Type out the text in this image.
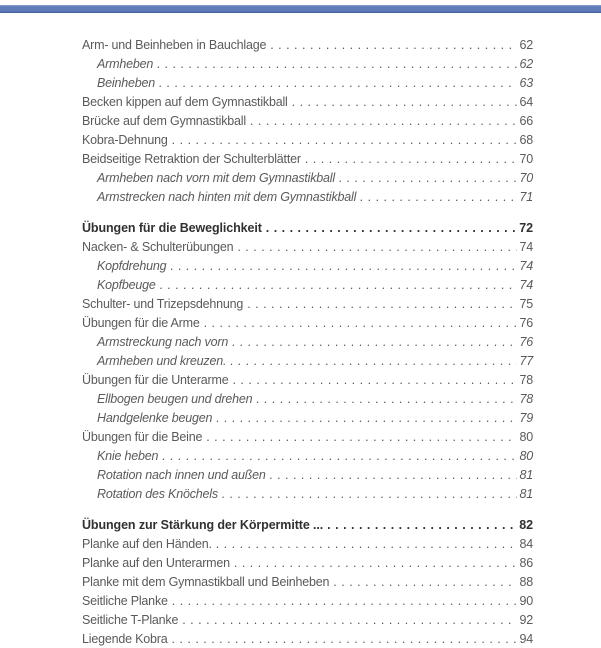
Arm- und Beinheben in Bauchlage . . .	62
Armheben . . .	62
Beinheben . . .	63
Becken kippen auf dem Gymnastikball . . .	64
Brücke auf dem Gymnastikball . . .	66
Kobra-Dehnung . . .	68
Beidseitige Retraktion der Schulterblätter . . .	70
Armheben nach vorn mit dem Gymnastikball . . .	70
Armstrecken nach hinten mit dem Gymnastikball . . .	71
Übungen für die Beweglichkeit . . .	72
Nacken- & Schulterübungen . . .	74
Kopfdrehung . . .	74
Kopfbeuge . . .	74
Schulter- und Trizepsdehnung . . .	75
Übungen für die Arme . . .	76
Armstreckung nach vorn . . .	76
Armheben und kreuzen. . . .	77
Übungen für die Unterarme . . .	78
Ellbogen beugen und drehen . . .	78
Handgelenke beugen . . .	79
Übungen für die Beine . . .	80
Knie heben . . .	80
Rotation nach innen und außen . . .	81
Rotation des Knöchels . . .	81
Übungen zur Stärkung der Körpermitte ... . . .	82
Planke auf den Händen. . . .	84
Planke auf den Unterarmen . . .	86
Planke mit dem Gymnastikball und Beinheben . . .	88
Seitliche Planke . . .	90
Seitliche T-Planke . . .	92
Liegende Kobra . . .	94
